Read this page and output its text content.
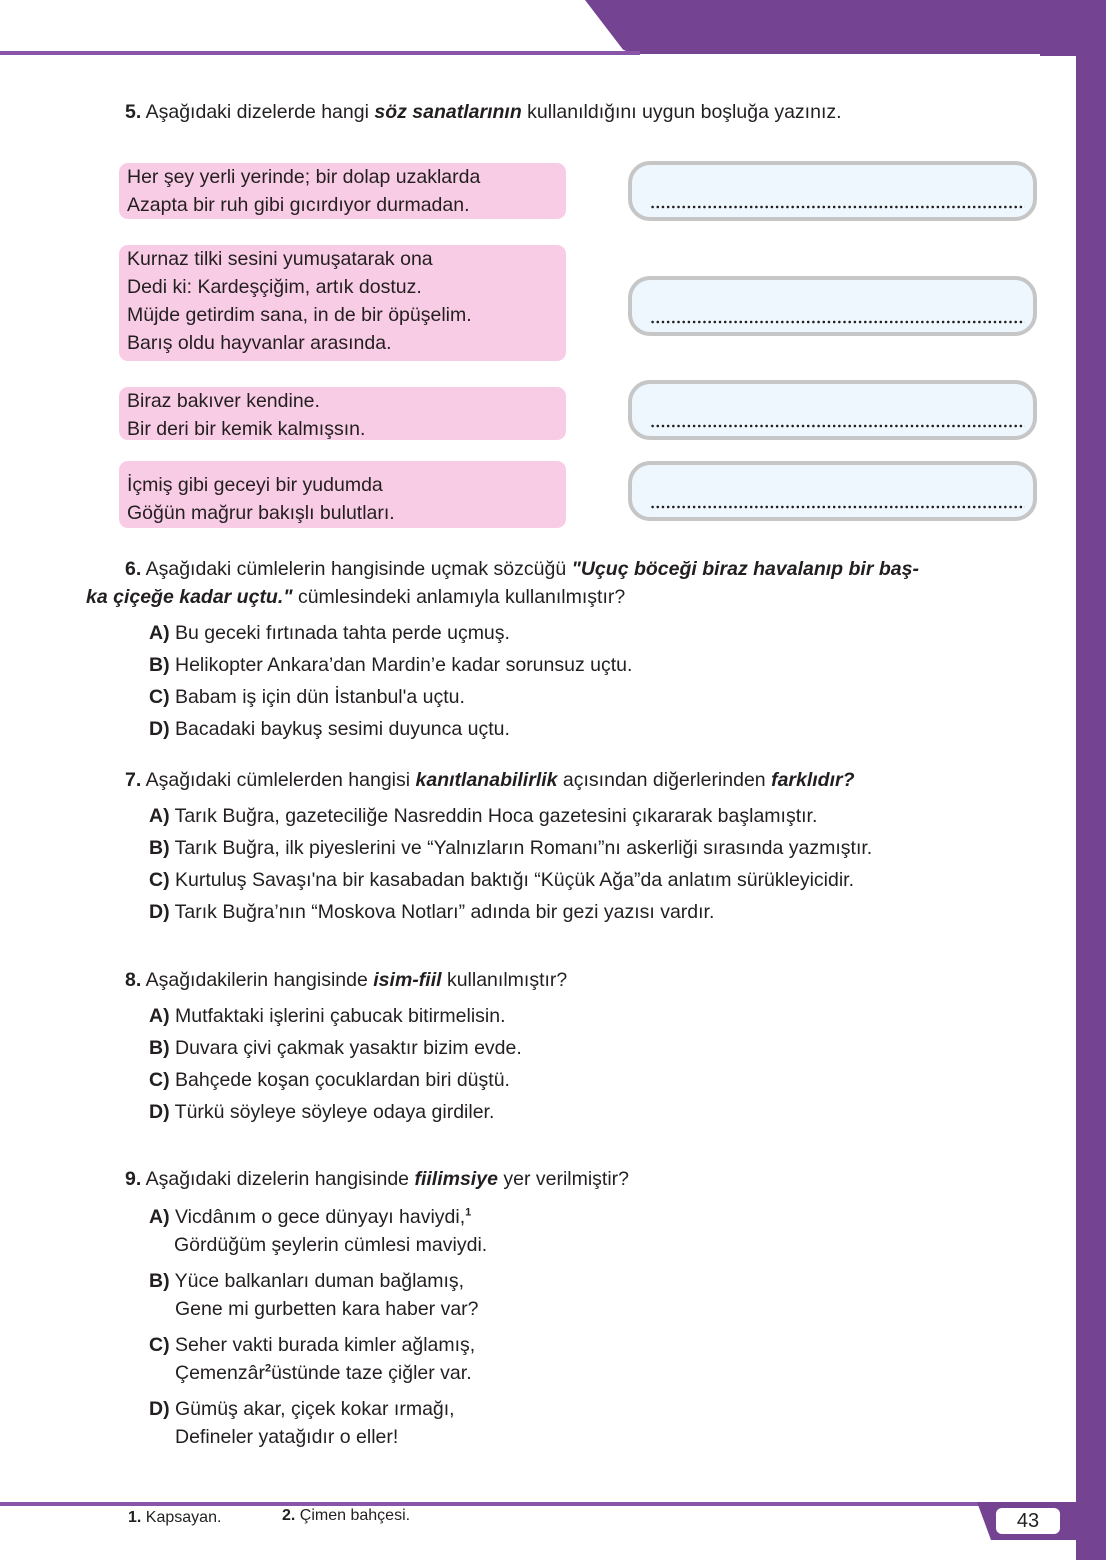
5. Aşağıdaki dizelerde hangi söz sanatlarının kullanıldığını uygun boşluğa yazınız.
Her şey yerli yerinde; bir dolap uzaklarda
Azapta bir ruh gibi gıcırdıyor durmadan.
Kurnaz tilki sesini yumuşatarak ona
Dedi ki: Kardeşçiğim, artık dostuz.
Müjde getirdim sana, in de bir öpüşelim.
Barış oldu hayvanlar arasında.
Biraz bakıver kendine.
Bir deri bir kemik kalmışsın.
İçmiş gibi geceyi bir yudumda
Göğün mağrur bakışlı bulutları.
6. Aşağıdaki cümlelerin hangisinde uçmak sözcüğü "Uçuç böceği biraz havalanıp bir baş-
ka çiçeğe kadar uçtu." cümlesindeki anlamıyla kullanılmıştır?
A) Bu geceki fırtınada tahta perde uçmuş.
B) Helikopter Ankara’dan Mardin’e kadar sorunsuz uçtu.
C) Babam iş için dün İstanbul'a uçtu.
D) Bacadaki baykuş sesimi duyunca uçtu.
7. Aşağıdaki cümlelerden hangisi kanıtlanabilirlik açısından diğerlerinden farklıdır?
A) Tarık Buğra, gazeteciliğe Nasreddin Hoca gazetesini çıkararak başlamıştır.
B) Tarık Buğra, ilk piyeslerini ve “Yalnızların Romanı”nı askerliği sırasında yazmıştır.
C) Kurtuluş Savaşı'na bir kasabadan baktığı “Küçük Ağa”da anlatım sürükleyicidir.
D) Tarık Buğra’nın “Moskova Notları” adında bir gezi yazısı vardır.
8. Aşağıdakilerin hangisinde isim-fiil kullanılmıştır?
A) Mutfaktaki işlerini çabucak bitirmelisin.
B) Duvara çivi çakmak yasaktır bizim evde.
C) Bahçede koşan çocuklardan biri düştü.
D) Türkü söyleye söyleye odaya girdiler.
9. Aşağıdaki dizelerin hangisinde fiilimsiye yer verilmiştir?
A) Vicdânım o gece dünyayı haviydi,$^1$
Gördüğüm şeylerin cümlesi maviydi.
B) Yüce balkanları duman bağlamış,
Gene mi gurbetten kara haber var?
C) Seher vakti burada kimler ağlamış,
Çemenzâr$^2$üstünde taze çiğler var.
D) Gümüş akar, çiçek kokar ırmağı,
Defineler yatağıdır o eller!
43
1. Kapsayan.	2. Çimen bahçesi.
